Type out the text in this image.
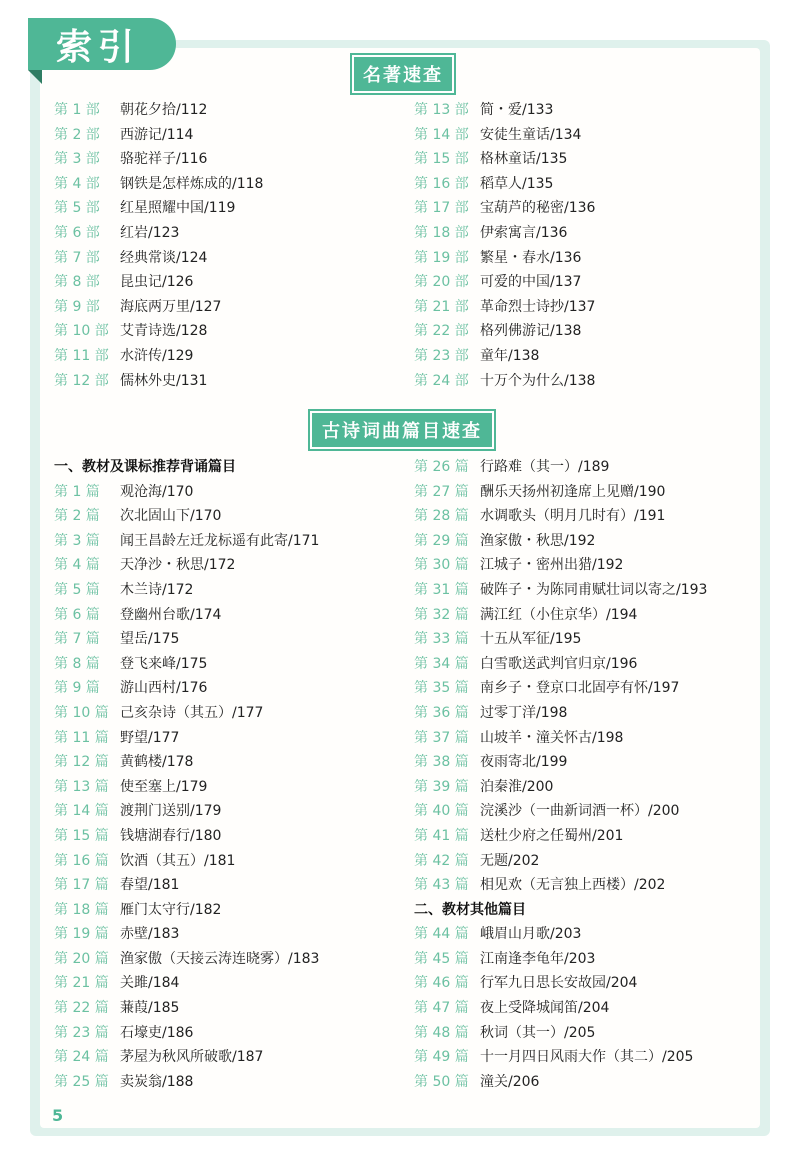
索引
名著速查
第 1 部 朝花夕拾/112
第 2 部 西游记/114
第 3 部 骆驼祥子/116
第 4 部 钢铁是怎样炼成的/118
第 5 部 红星照耀中国/119
第 6 部 红岩/123
第 7 部 经典常谈/124
第 8 部 昆虫记/126
第 9 部 海底两万里/127
第 10 部 艾青诗选/128
第 11 部 水浒传/129
第 12 部 儒林外史/131
第 13 部 简・爱/133
第 14 部 安徒生童话/134
第 15 部 格林童话/135
第 16 部 稻草人/135
第 17 部 宝葫芦的秘密/136
第 18 部 伊索寓言/136
第 19 部 繁星・春水/136
第 20 部 可爱的中国/137
第 21 部 革命烈士诗抄/137
第 22 部 格列佛游记/138
第 23 部 童年/138
第 24 部 十万个为什么/138
古诗词曲篇目速查
一、教材及课标推荐背诵篇目
第 1 篇 观沧海/170
第 2 篇 次北固山下/170
第 3 篇 闻王昌龄左迁龙标遥有此寄/171
第 4 篇 天净沙・秋思/172
第 5 篇 木兰诗/172
第 6 篇 登幽州台歌/174
第 7 篇 望岳/175
第 8 篇 登飞来峰/175
第 9 篇 游山西村/176
第 10 篇 己亥杂诗（其五）/177
第 11 篇 野望/177
第 12 篇 黄鹤楼/178
第 13 篇 使至塞上/179
第 14 篇 渡荆门送别/179
第 15 篇 钱塘湖春行/180
第 16 篇 饮酒（其五）/181
第 17 篇 春望/181
第 18 篇 雁门太守行/182
第 19 篇 赤壁/183
第 20 篇 渔家傲（天接云涛连晓雾）/183
第 21 篇 关雎/184
第 22 篇 蒹葭/185
第 23 篇 石壕吏/186
第 24 篇 茅屋为秋风所破歌/187
第 25 篇 卖炭翁/188
第 26 篇 行路难（其一）/189
第 27 篇 酬乐天扬州初逢席上见赠/190
第 28 篇 水调歌头（明月几时有）/191
第 29 篇 渔家傲・秋思/192
第 30 篇 江城子・密州出猎/192
第 31 篇 破阵子・为陈同甫赋壮词以寄之/193
第 32 篇 满江红（小住京华）/194
第 33 篇 十五从军征/195
第 34 篇 白雪歌送武判官归京/196
第 35 篇 南乡子・登京口北固亭有怀/197
第 36 篇 过零丁洋/198
第 37 篇 山坡羊・潼关怀古/198
第 38 篇 夜雨寄北/199
第 39 篇 泊秦淮/200
第 40 篇 浣溪沙（一曲新词酒一杯）/200
第 41 篇 送杜少府之任蜀州/201
第 42 篇 无题/202
第 43 篇 相见欢（无言独上西楼）/202
二、教材其他篇目
第 44 篇 峨眉山月歌/203
第 45 篇 江南逢李龟年/203
第 46 篇 行军九日思长安故园/204
第 47 篇 夜上受降城闻笛/204
第 48 篇 秋词（其一）/205
第 49 篇 十一月四日风雨大作（其二）/205
第 50 篇 潼关/206
5
